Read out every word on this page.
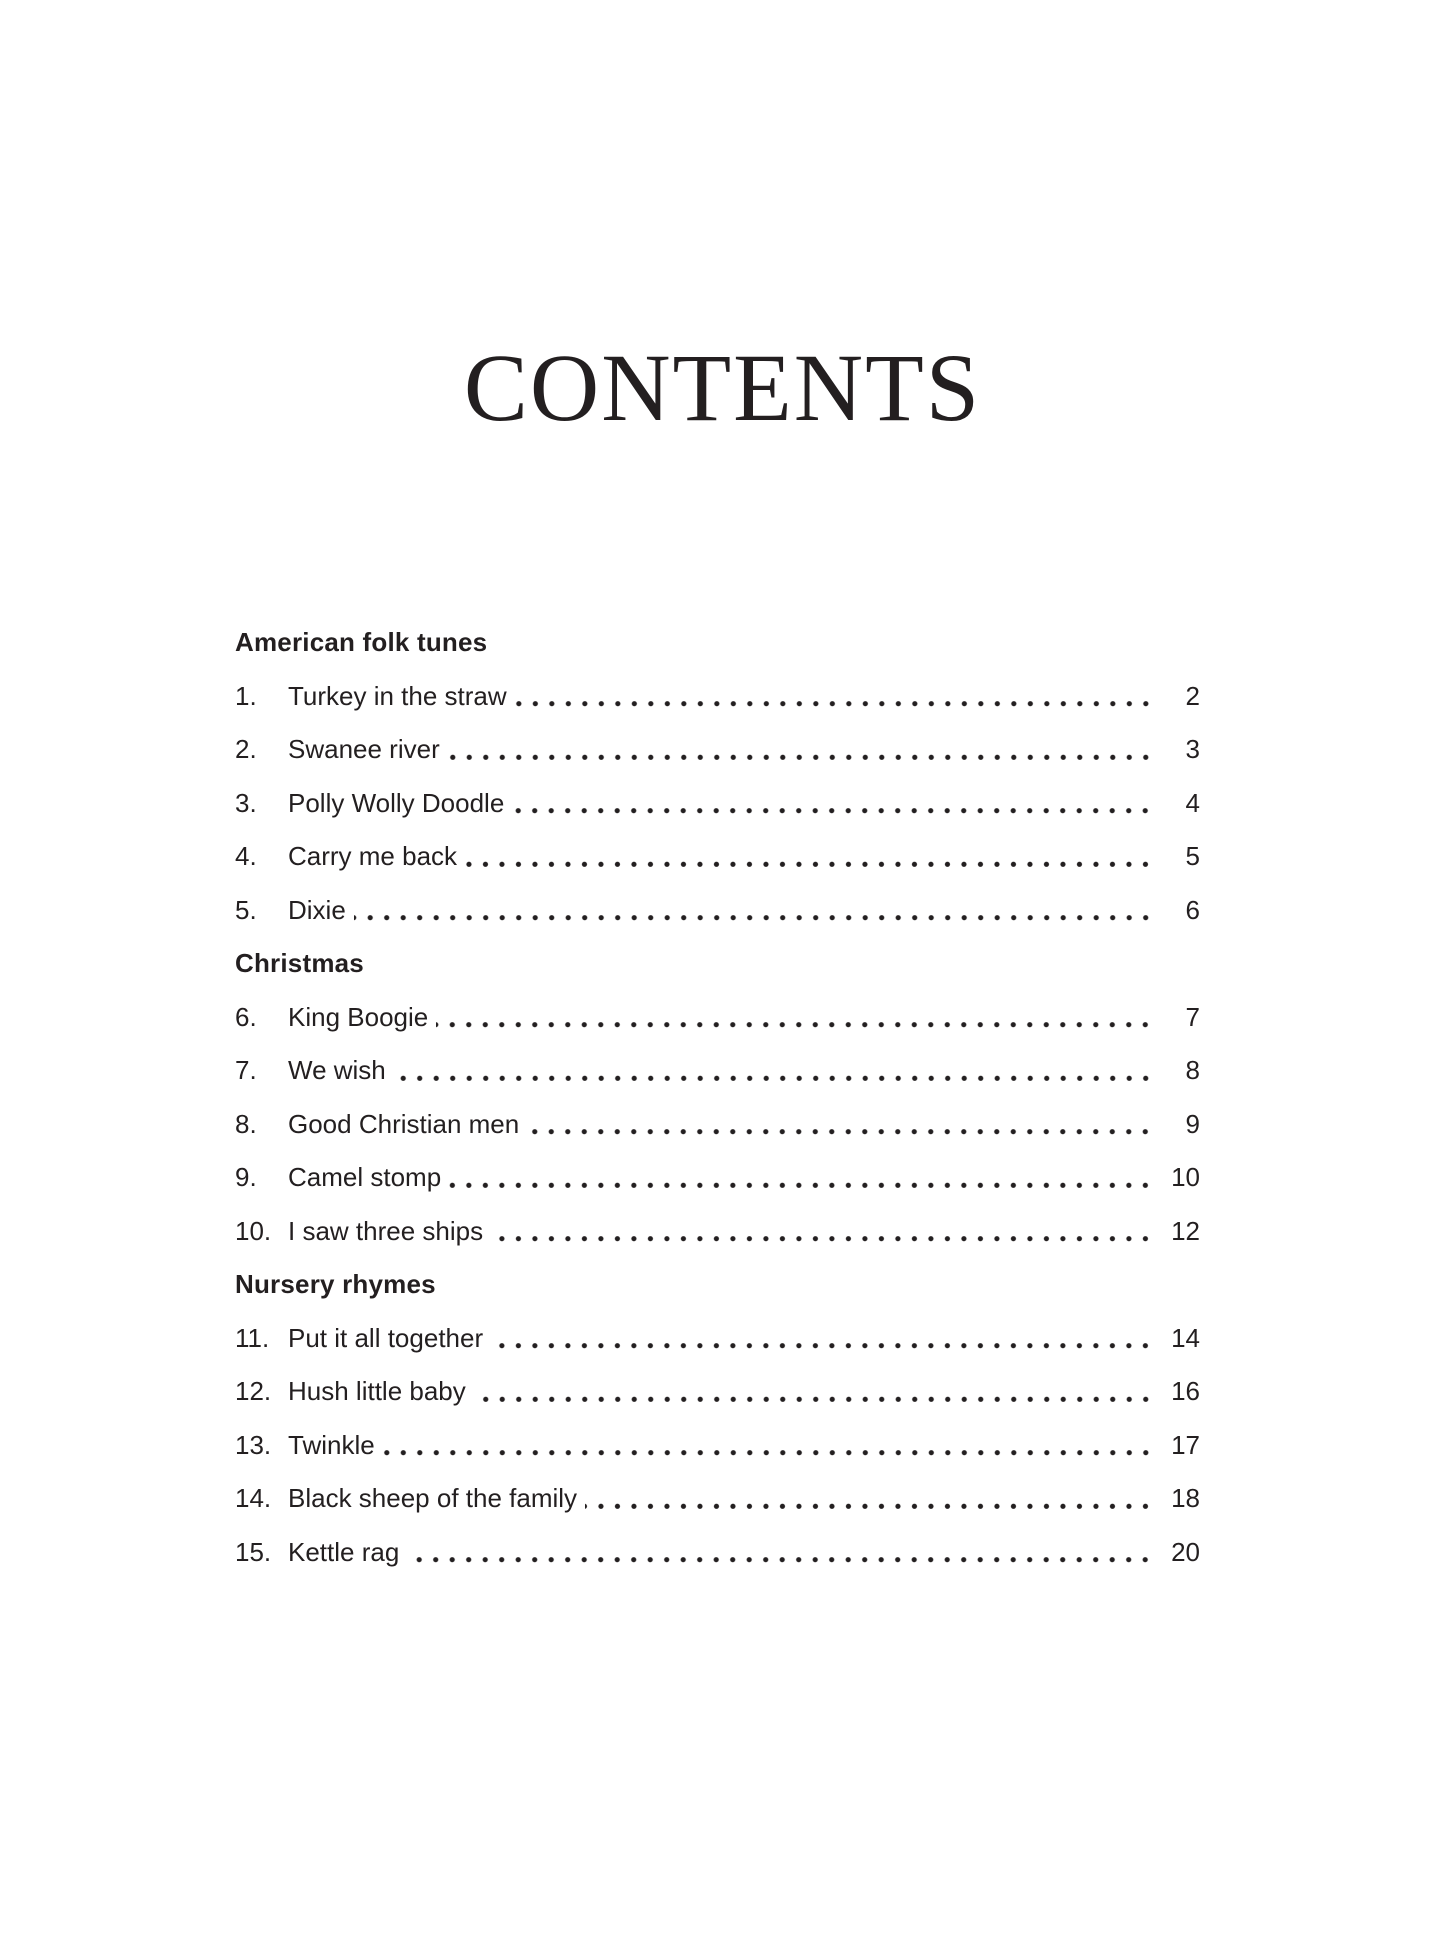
CONTENTS
American folk tunes
1.	Turkey in the straw	2
2.	Swanee river	3
3.	Polly Wolly Doodle	4
4.	Carry me back	5
5.	Dixie	6
Christmas
6.	King Boogie	7
7.	We wish	8
8.	Good Christian men	9
9.	Camel stomp	10
10. I saw three ships	12
Nursery rhymes
11. Put it all together	14
12. Hush little baby	16
13. Twinkle	17
14. Black sheep of the family	18
15. Kettle rag	20
